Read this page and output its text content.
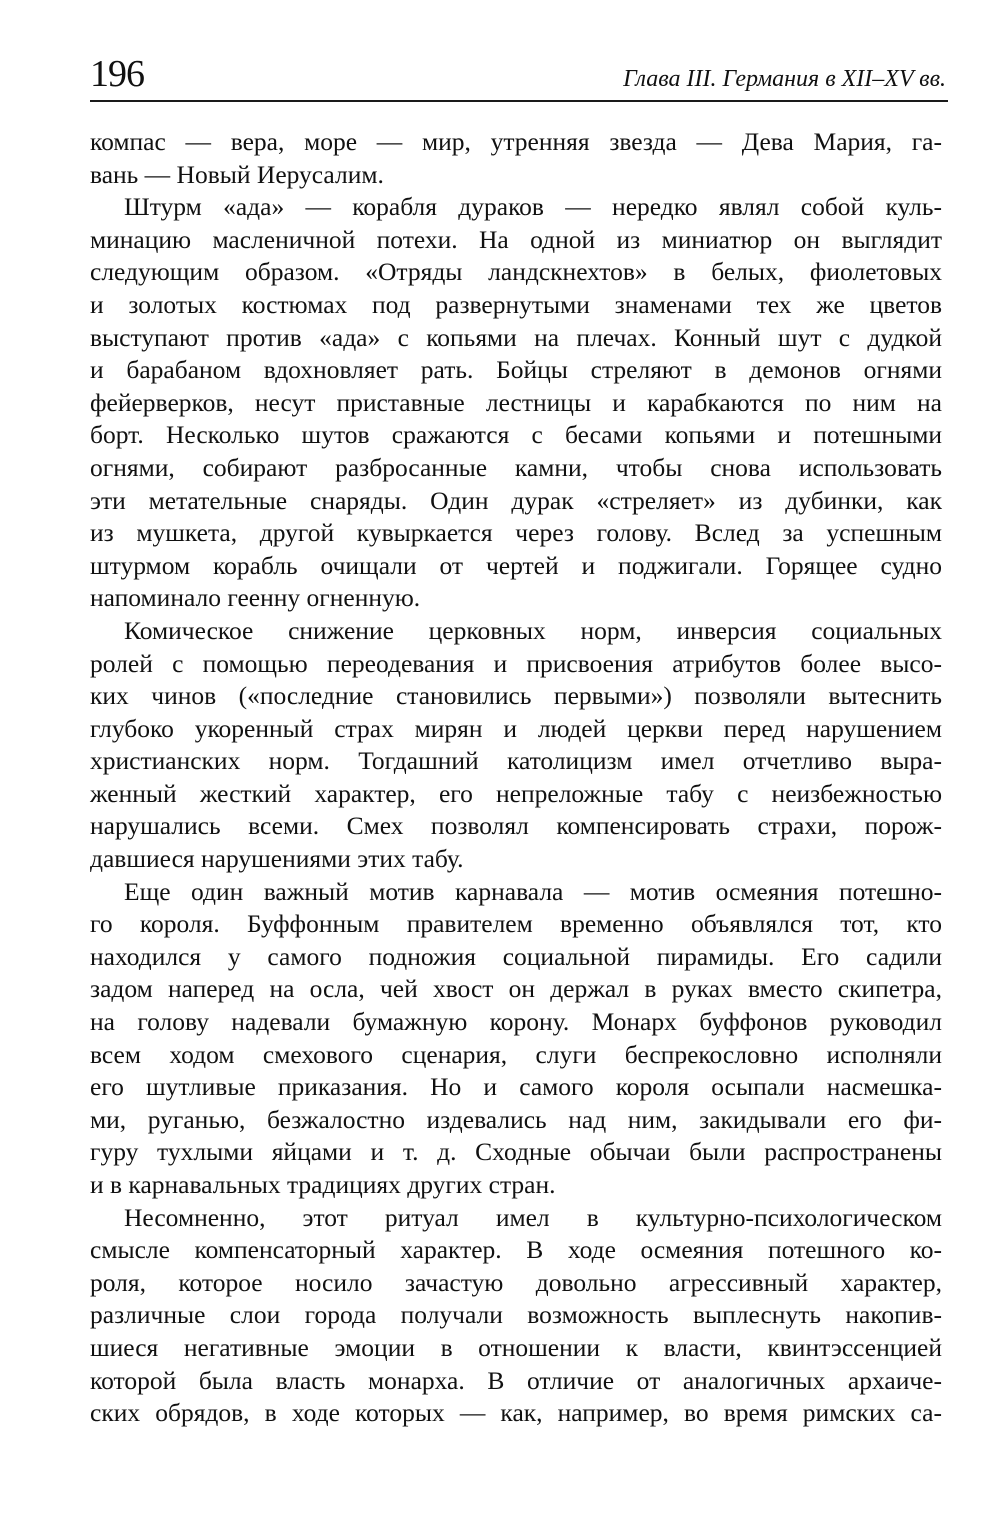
196	Глава III. Германия в XII–XV вв.
компас — вера, море — мир, утренняя звезда — Дева Мария, га-
вань — Новый Иерусалим.
Штурм «ада» — корабля дураков — нередко являл собой куль-
минацию масленичной потехи. На одной из миниатюр он выглядит
следующим образом. «Отряды ландскнехтов» в белых, фиолетовых
и золотых костюмах под развернутыми знаменами тех же цветов
выступают против «ада» с копьями на плечах. Конный шут с дудкой
и барабаном вдохновляет рать. Бойцы стреляют в демонов огнями
фейерверков, несут приставные лестницы и карабкаются по ним на
борт. Несколько шутов сражаются с бесами копьями и потешными
огнями, собирают разбросанные камни, чтобы снова использовать
эти метательные снаряды. Один дурак «стреляет» из дубинки, как
из мушкета, другой кувыркается через голову. Вслед за успешным
штурмом корабль очищали от чертей и поджигали. Горящее судно
напоминало геенну огненную.
Комическое снижение церковных норм, инверсия социальных
ролей с помощью переодевания и присвоения атрибутов более высо-
ких чинов («последние становились первыми») позволяли вытеснить
глубоко укоренный страх мирян и людей церкви перед нарушением
христианских норм. Тогдашний католицизм имел отчетливо выра-
женный жесткий характер, его непреложные табу с неизбежностью
нарушались всеми. Смех позволял компенсировать страхи, порож-
давшиеся нарушениями этих табу.
Еще один важный мотив карнавала — мотив осмеяния потешно-
го короля. Буффонным правителем временно объявлялся тот, кто
находился у самого подножия социальной пирамиды. Его садили
задом наперед на осла, чей хвост он держал в руках вместо скипетра,
на голову надевали бумажную корону. Монарх буффонов руководил
всем ходом смехового сценария, слуги беспрекословно исполняли
его шутливые приказания. Но и самого короля осыпали насмешка-
ми, руганью, безжалостно издевались над ним, закидывали его фи-
гуру тухлыми яйцами и т. д. Сходные обычаи были распространены
и в карнавальных традициях других стран.
Несомненно, этот ритуал имел в культурно-психологическом
смысле компенсаторный характер. В ходе осмеяния потешного ко-
роля, которое носило зачастую довольно агрессивный характер,
различные слои города получали возможность выплеснуть накопив-
шиеся негативные эмоции в отношении к власти, квинтэссенцией
которой была власть монарха. В отличие от аналогичных архаиче-
ских обрядов, в ходе которых — как, например, во время римских са-
